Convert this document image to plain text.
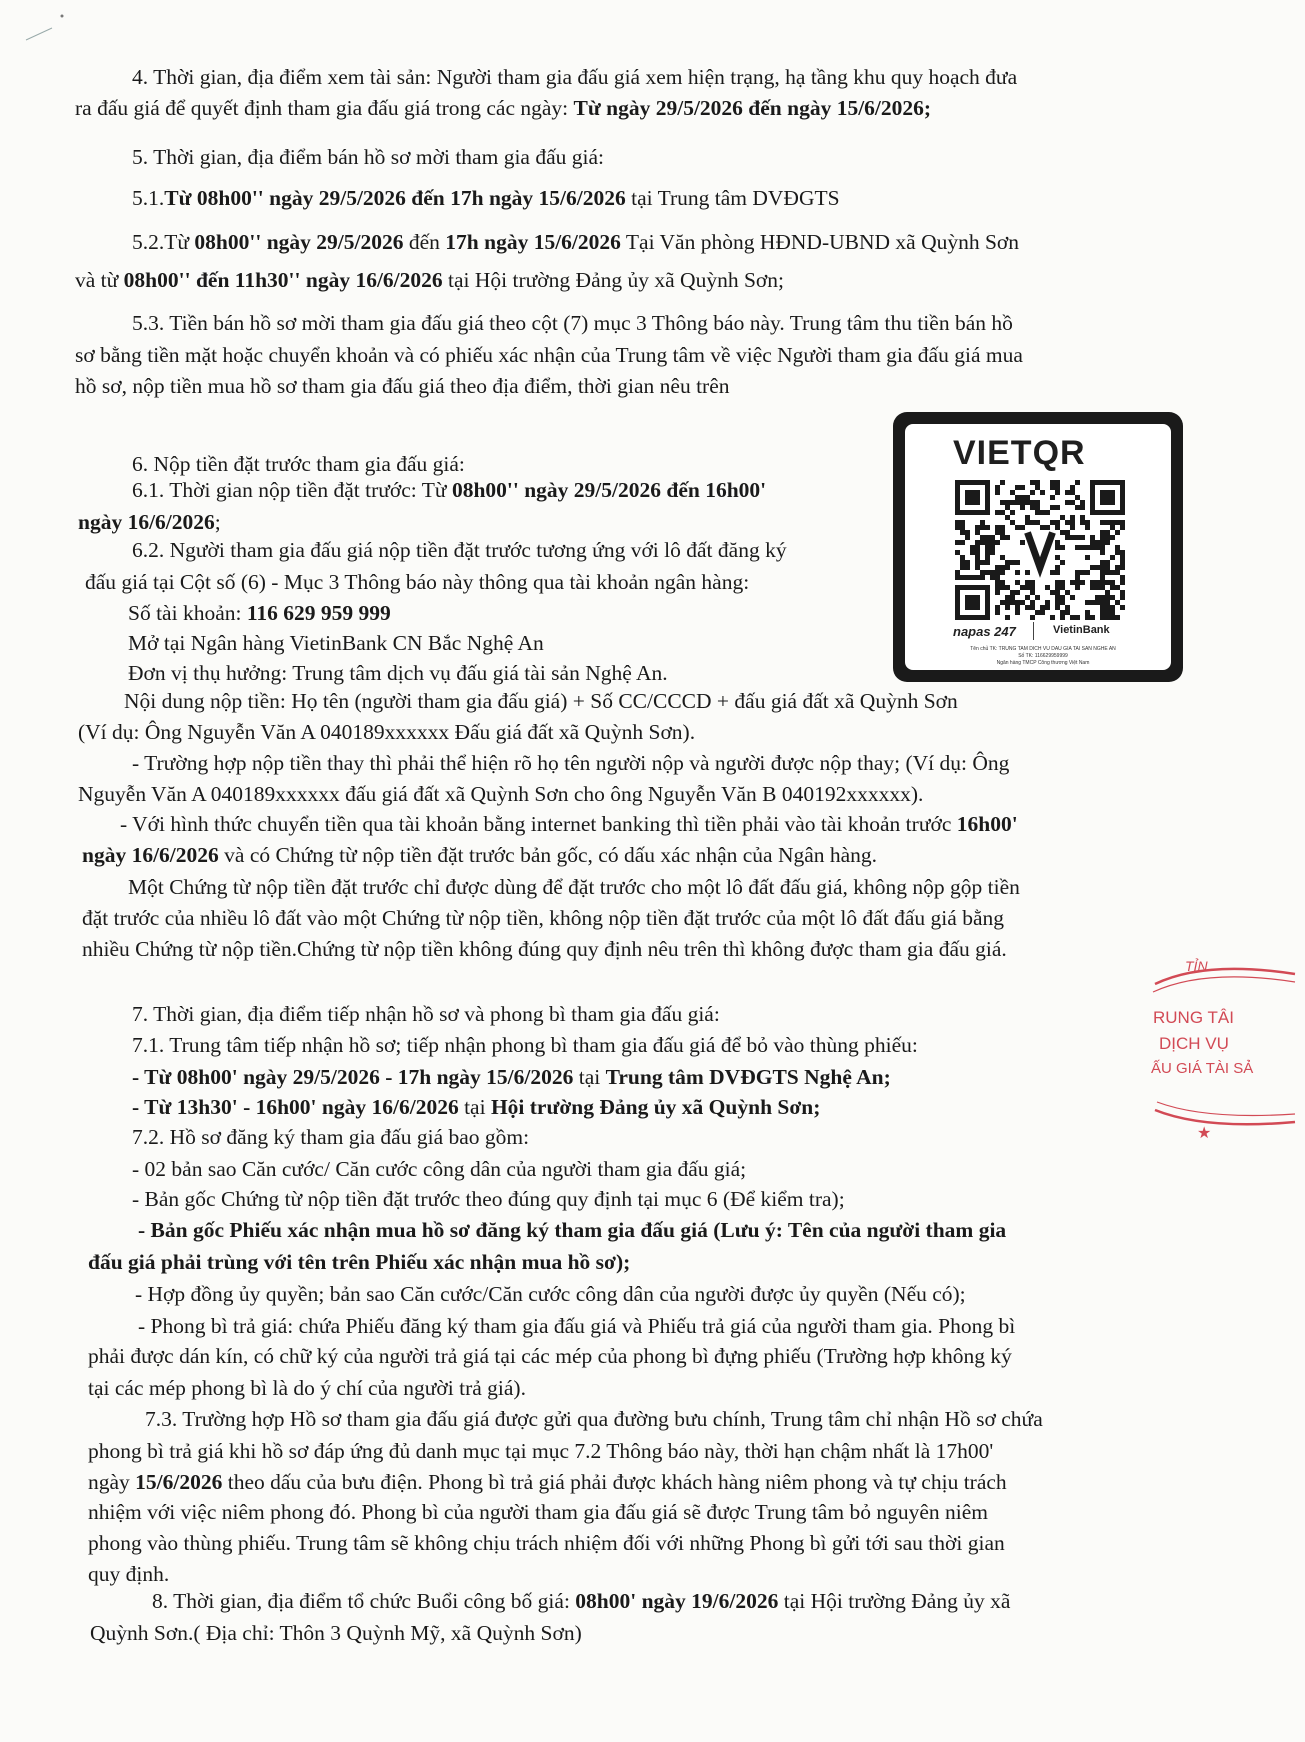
4. Thời gian, địa điểm xem tài sản: Người tham gia đấu giá xem hiện trạng, hạ tầng khu quy hoạch đưa
ra đấu giá để quyết định tham gia đấu giá trong các ngày: Từ ngày 29/5/2026 đến ngày 15/6/2026;
5. Thời gian, địa điểm bán hồ sơ mời tham gia đấu giá:
5.1.Từ 08h00'' ngày 29/5/2026 đến 17h ngày 15/6/2026 tại Trung tâm DVĐGTS
5.2.Từ 08h00'' ngày 29/5/2026 đến 17h ngày 15/6/2026 Tại Văn phòng HĐND-UBND xã Quỳnh Sơn
và từ 08h00'' đến 11h30'' ngày 16/6/2026 tại Hội trường Đảng ủy xã Quỳnh Sơn;
5.3. Tiền bán hồ sơ mời tham gia đấu giá theo cột (7) mục 3 Thông báo này. Trung tâm thu tiền bán hồ
sơ bằng tiền mặt hoặc chuyển khoản và có phiếu xác nhận của Trung tâm về việc Người tham gia đấu giá mua
hồ sơ, nộp tiền mua hồ sơ tham gia đấu giá theo địa điểm, thời gian nêu trên
6. Nộp tiền đặt trước tham gia đấu giá:
6.1. Thời gian nộp tiền đặt trước: Từ 08h00'' ngày 29/5/2026 đến 16h00'
ngày 16/6/2026;
6.2. Người tham gia đấu giá nộp tiền đặt trước tương ứng với lô đất đăng ký
đấu giá tại Cột số (6) - Mục 3 Thông báo này thông qua tài khoản ngân hàng:
Số tài khoản: 116 629 959 999
Mở tại Ngân hàng VietinBank CN Bắc Nghệ An
Đơn vị thụ hưởng: Trung tâm dịch vụ đấu giá tài sản Nghệ An.
Nội dung nộp tiền: Họ tên (người tham gia đấu giá) + Số CC/CCCD + đấu giá đất xã Quỳnh Sơn
(Ví dụ: Ông Nguyễn Văn A 040189xxxxxx Đấu giá đất xã Quỳnh Sơn).
- Trường hợp nộp tiền thay thì phải thể hiện rõ họ tên người nộp và người được nộp thay; (Ví dụ: Ông
Nguyễn Văn A 040189xxxxxx đấu giá đất xã Quỳnh Sơn cho ông Nguyễn Văn B 040192xxxxxx).
- Với hình thức chuyển tiền qua tài khoản bằng internet banking thì tiền phải vào tài khoản trước 16h00'
ngày 16/6/2026 và có Chứng từ nộp tiền đặt trước bản gốc, có dấu xác nhận của Ngân hàng.
Một Chứng từ nộp tiền đặt trước chỉ được dùng để đặt trước cho một lô đất đấu giá, không nộp gộp tiền
đặt trước của nhiều lô đất vào một Chứng từ nộp tiền, không nộp tiền đặt trước của một lô đất đấu giá bằng
nhiều Chứng từ nộp tiền.Chứng từ nộp tiền không đúng quy định nêu trên thì không được tham gia đấu giá.
7. Thời gian, địa điểm tiếp nhận hồ sơ và phong bì tham gia đấu giá:
7.1. Trung tâm tiếp nhận hồ sơ; tiếp nhận phong bì tham gia đấu giá để bỏ vào thùng phiếu:
- Từ 08h00' ngày 29/5/2026 - 17h ngày 15/6/2026 tại Trung tâm DVĐGTS Nghệ An;
- Từ 13h30' - 16h00' ngày 16/6/2026 tại Hội trường Đảng ủy xã Quỳnh Sơn;
7.2. Hồ sơ đăng ký tham gia đấu giá bao gồm:
- 02 bản sao Căn cước/ Căn cước công dân của người tham gia đấu giá;
- Bản gốc Chứng từ nộp tiền đặt trước theo đúng quy định tại mục 6 (Để kiểm tra);
- Bản gốc Phiếu xác nhận mua hồ sơ đăng ký tham gia đấu giá (Lưu ý: Tên của người tham gia
đấu giá phải trùng với tên trên Phiếu xác nhận mua hồ sơ);
- Hợp đồng ủy quyền; bản sao Căn cước/Căn cước công dân của người được ủy quyền (Nếu có);
- Phong bì trả giá: chứa Phiếu đăng ký tham gia đấu giá và Phiếu trả giá của người tham gia. Phong bì
phải được dán kín, có chữ ký của người trả giá tại các mép của phong bì đựng phiếu (Trường hợp không ký
tại các mép phong bì là do ý chí của người trả giá).
7.3. Trường hợp Hồ sơ tham gia đấu giá được gửi qua đường bưu chính, Trung tâm chỉ nhận Hồ sơ chứa
phong bì trả giá khi hồ sơ đáp ứng đủ danh mục tại mục 7.2 Thông báo này, thời hạn chậm nhất là 17h00'
ngày 15/6/2026 theo dấu của bưu điện. Phong bì trả giá phải được khách hàng niêm phong và tự chịu trách
nhiệm với việc niêm phong đó. Phong bì của người tham gia đấu giá sẽ được Trung tâm bỏ nguyên niêm
phong vào thùng phiếu. Trung tâm sẽ không chịu trách nhiệm đối với những Phong bì gửi tới sau thời gian
quy định.
8. Thời gian, địa điểm tổ chức Buổi công bố giá: 08h00' ngày 19/6/2026 tại Hội trường Đảng ủy xã
Quỳnh Sơn.( Địa chỉ: Thôn 3 Quỳnh Mỹ, xã Quỳnh Sơn)
VIETQR
napas 247	VietinBank
Tên chủ TK: TRUNG TAM DICH VU DAU GIA TAI SAN NGHE AN
Số TK: 116629959999
Ngân hàng TMCP Công thương Việt Nam
★
TỈN
RUNG TÂI
DỊCH VỤ
ẤU GIÁ TÀI SẢ
